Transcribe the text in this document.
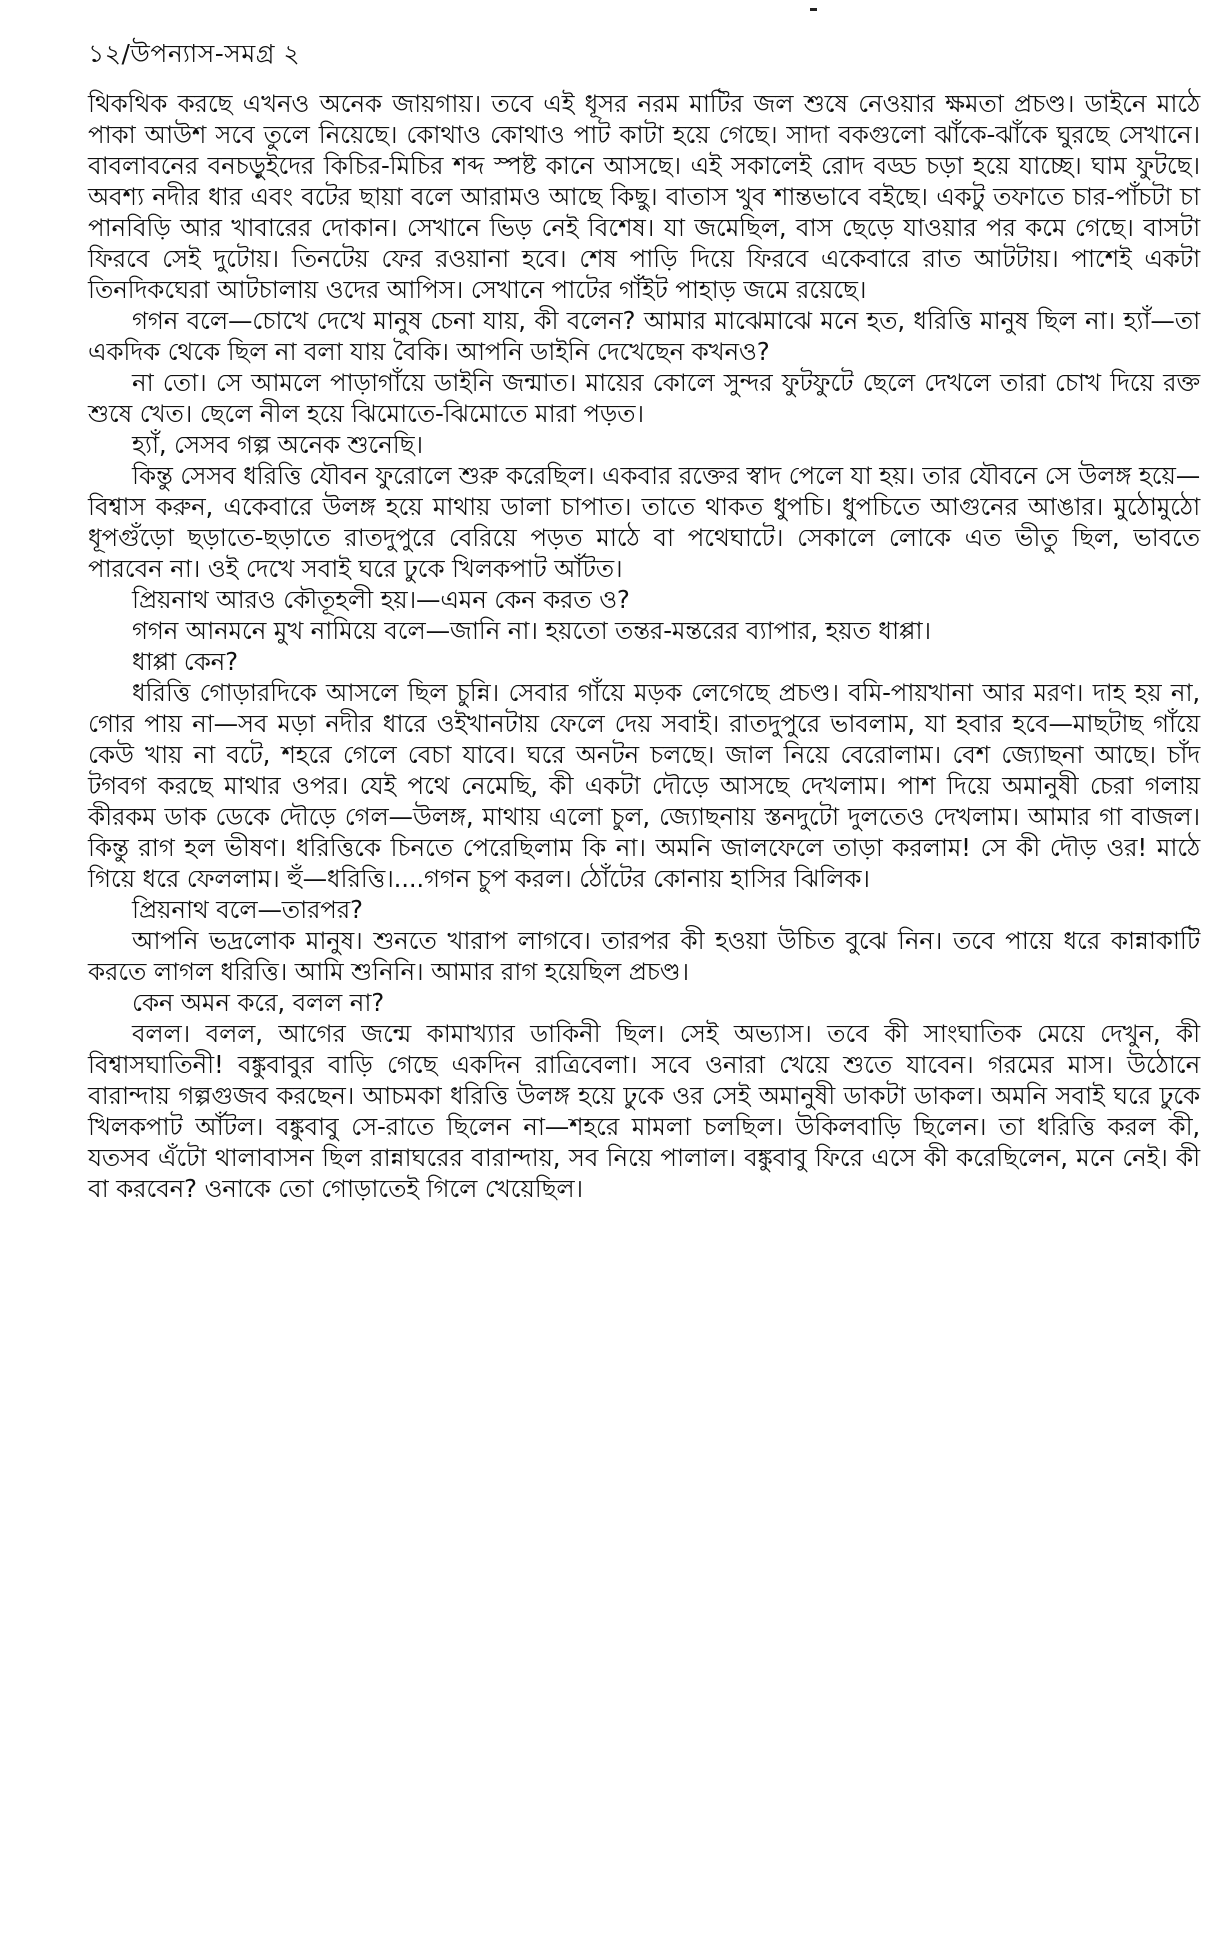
১২/উপন্যাস-সমগ্র ২

থিকথিক করছে এখনও অনেক জায়গায়। তবে এই ধূসর নরম মাটির জল শুষে নেওয়ার ক্ষমতা প্রচণ্ড। ডাইনে মাঠে পাকা আউশ সবে তুলে নিয়েছে। কোথাও কোথাও পাট কাটা হয়ে গেছে। সাদা বকগুলো ঝাঁকে-ঝাঁকে ঘুরছে সেখানে। বাবলাবনের বনচড়ুইদের কিচির-মিচির শব্দ স্পষ্ট কানে আসছে। এই সকালেই রোদ বড্ড চড়া হয়ে যাচ্ছে। ঘাম ফুটছে। অবশ্য নদীর ধার এবং বটের ছায়া বলে আরামও আছে কিছু। বাতাস খুব শান্তভাবে বইছে। একটু তফাতে চার-পাঁচটা চা পানবিড়ি আর খাবারের দোকান। সেখানে ভিড় নেই বিশেষ। যা জমেছিল, বাস ছেড়ে যাওয়ার পর কমে গেছে। বাসটা ফিরবে সেই দুটোয়। তিনটেয় ফের রওয়ানা হবে। শেষ পাড়ি দিয়ে ফিরবে একেবারে রাত আটটায়। পাশেই একটা তিনদিকঘেরা আটচালায় ওদের আপিস। সেখানে পাটের গাঁইট পাহাড় জমে রয়েছে।

গগন বলে—চোখে দেখে মানুষ চেনা যায়, কী বলেন? আমার মাঝেমাঝে মনে হত, ধরিত্তি মানুষ ছিল না। হ্যাঁ—তা একদিক থেকে ছিল না বলা যায় বৈকি। আপনি ডাইনি দেখেছেন কখনও?

না তো। সে আমলে পাড়াগাঁয়ে ডাইনি জন্মাত। মায়ের কোলে সুন্দর ফুটফুটে ছেলে দেখলে তারা চোখ দিয়ে রক্ত শুষে খেত। ছেলে নীল হয়ে ঝিমোতে-ঝিমোতে মারা পড়ত।

হ্যাঁ, সেসব গল্প অনেক শুনেছি।

কিন্তু সেসব ধরিত্তি যৌবন ফুরোলে শুরু করেছিল। একবার রক্তের স্বাদ পেলে যা হয়। তার যৌবনে সে উলঙ্গ হয়ে—বিশ্বাস করুন, একেবারে উলঙ্গ হয়ে মাথায় ডালা চাপাত। তাতে থাকত ধুপচি। ধুপচিতে আগুনের আঙার। মুঠোমুঠো ধূপগুঁড়ো ছড়াতে-ছড়াতে রাতদুপুরে বেরিয়ে পড়ত মাঠে বা পথেঘাটে। সেকালে লোকে এত ভীতু ছিল, ভাবতে পারবেন না। ওই দেখে সবাই ঘরে ঢুকে খিলকপাট আঁটত।

প্রিয়নাথ আরও কৌতূহলী হয়।—এমন কেন করত ও?

গগন আনমনে মুখ নামিয়ে বলে—জানি না। হয়তো তন্তর-মন্তরের ব্যাপার, হয়ত ধাপ্পা।

ধাপ্পা কেন?

ধরিত্তি গোড়ারদিকে আসলে ছিল চুন্নি। সেবার গাঁয়ে মড়ক লেগেছে প্রচণ্ড। বমি-পায়খানা আর মরণ। দাহ হয় না, গোর পায় না—সব মড়া নদীর ধারে ওইখানটায় ফেলে দেয় সবাই। রাতদুপুরে ভাবলাম, যা হবার হবে—মাছটাছ গাঁয়ে কেউ খায় না বটে, শহরে গেলে বেচা যাবে। ঘরে অনটন চলছে। জাল নিয়ে বেরোলাম। বেশ জ্যোছনা আছে। চাঁদ টগবগ করছে মাথার ওপর। যেই পথে নেমেছি, কী একটা দৌড়ে আসছে দেখলাম। পাশ দিয়ে অমানুষী চেরা গলায় কীরকম ডাক ডেকে দৌড়ে গেল—উলঙ্গ, মাথায় এলো চুল, জ্যোছনায় স্তনদুটো দুলতেও দেখলাম। আমার গা বাজল। কিন্তু রাগ হল ভীষণ। ধরিত্তিকে চিনতে পেরেছিলাম কি না। অমনি জালফেলে তাড়া করলাম! সে কী দৌড় ওর! মাঠে গিয়ে ধরে ফেললাম। হুঁ—ধরিত্তি।....গগন চুপ করল। ঠোঁটের কোনায় হাসির ঝিলিক।

প্রিয়নাথ বলে—তারপর?

আপনি ভদ্রলোক মানুষ। শুনতে খারাপ লাগবে। তারপর কী হওয়া উচিত বুঝে নিন। তবে পায়ে ধরে কান্নাকাটি করতে লাগল ধরিত্তি। আমি শুনিনি। আমার রাগ হয়েছিল প্রচণ্ড।

কেন অমন করে, বলল না?

বলল। বলল, আগের জন্মে কামাখ্যার ডাকিনী ছিল। সেই অভ্যাস। তবে কী সাংঘাতিক মেয়ে দেখুন, কী বিশ্বাসঘাতিনী! বঙ্কুবাবুর বাড়ি গেছে একদিন রাত্রিবেলা। সবে ওনারা খেয়ে শুতে যাবেন। গরমের মাস। উঠোনে বারান্দায় গল্পগুজব করছেন। আচমকা ধরিত্তি উলঙ্গ হয়ে ঢুকে ওর সেই অমানুষী ডাকটা ডাকল। অমনি সবাই ঘরে ঢুকে খিলকপাট আঁটল। বঙ্কুবাবু সে-রাতে ছিলেন না—শহরে মামলা চলছিল। উকিলবাড়ি ছিলেন। তা ধরিত্তি করল কী, যতসব এঁটো থালাবাসন ছিল রান্নাঘরের বারান্দায়, সব নিয়ে পালাল। বঙ্কুবাবু ফিরে এসে কী করেছিলেন, মনে নেই। কী বা করবেন? ওনাকে তো গোড়াতেই গিলে খেয়েছিল।
